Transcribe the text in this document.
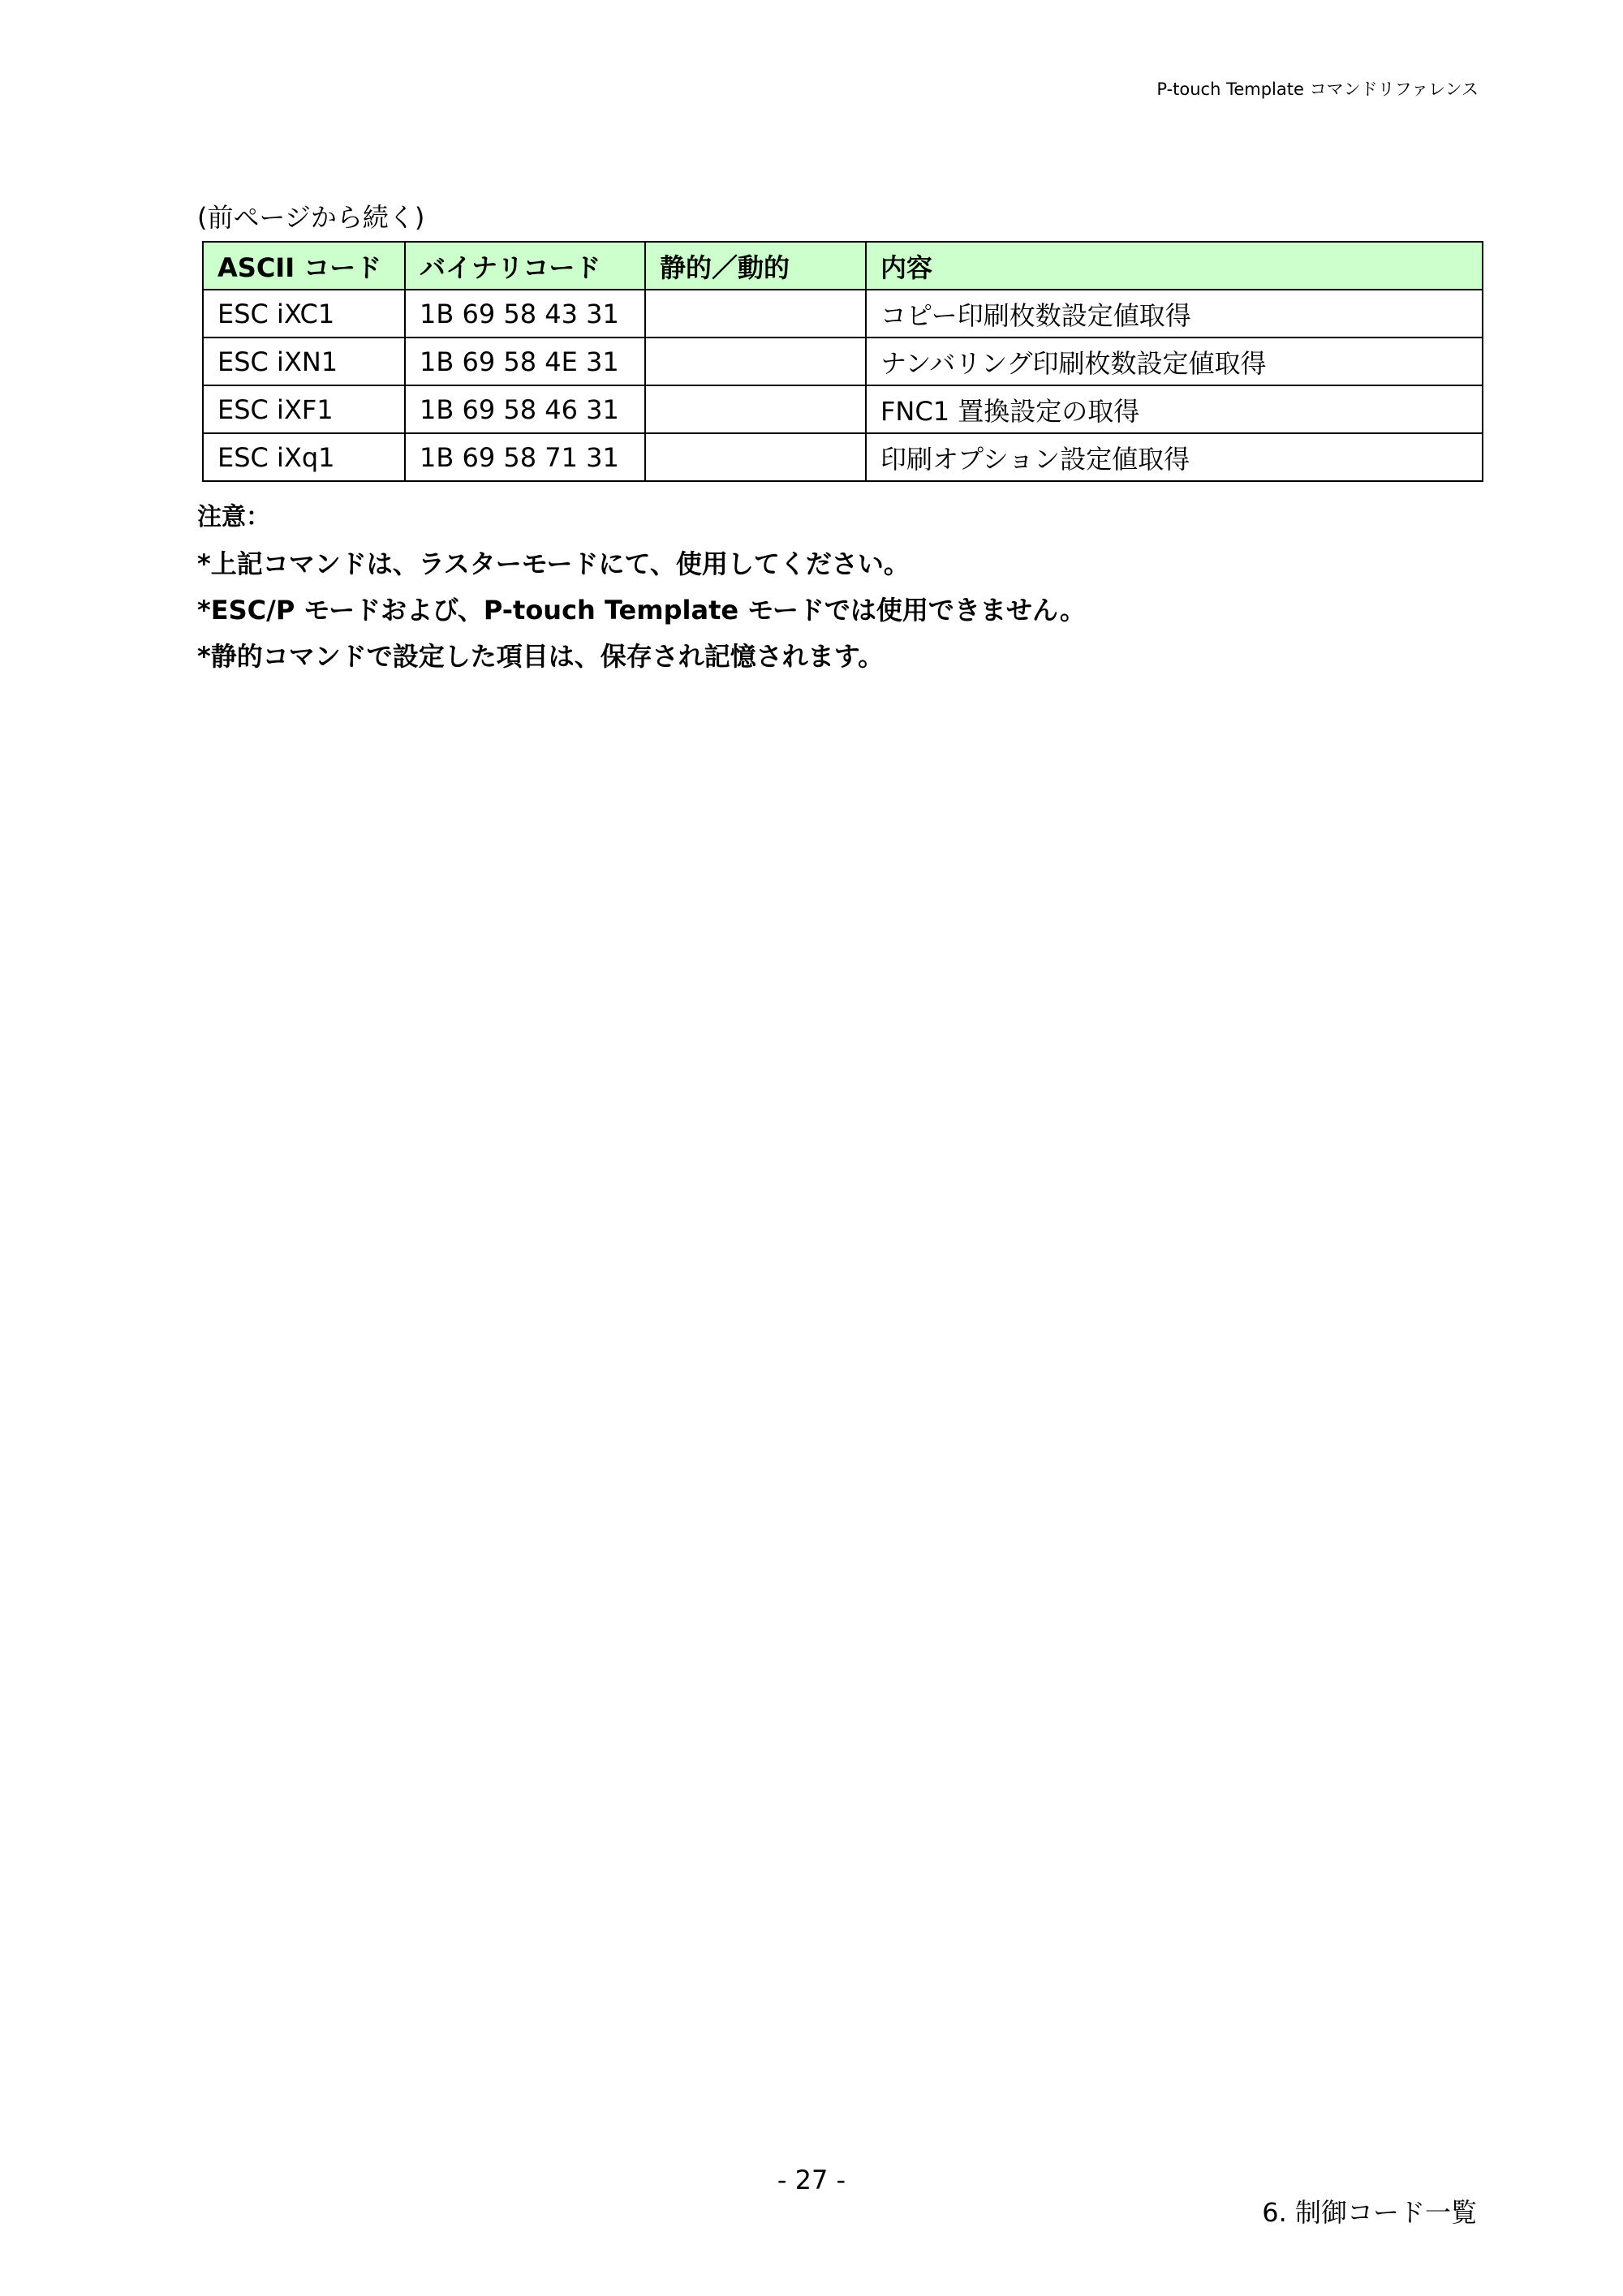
P-touch Template コマンドリファレンス
(前ページから続く)
ASCII コード	バイナリコード	静的／動的	内容
ESC iXC1	1B 69 58 43 31		コピー印刷枚数設定値取得
ESC iXN1	1B 69 58 4E 31		ナンバリング印刷枚数設定値取得
ESC iXF1	1B 69 58 46 31		FNC1 置換設定の取得
ESC iXq1	1B 69 58 71 31		印刷オプション設定値取得
注意：
*上記コマンドは、ラスターモードにて、使用してください。
*ESC/P モードおよび、P-touch Template モードでは使用できません。
*静的コマンドで設定した項目は、保存され記憶されます。
- 27 -
6. 制御コード一覧
